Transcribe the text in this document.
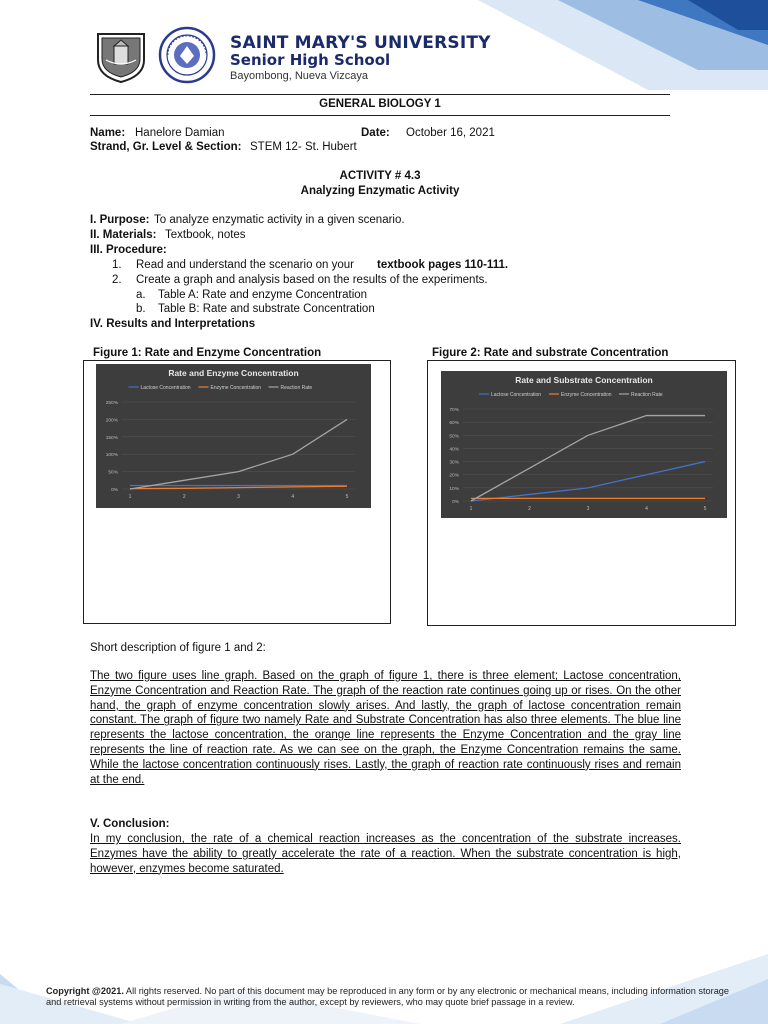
SAINT MARY'S UNIVERSITY
Senior High School
Bayombong, Nueva Vizcaya
GENERAL BIOLOGY 1
Name: Hanelore Damian	Date: October 16, 2021
Strand, Gr. Level & Section: STEM 12- St. Hubert
ACTIVITY # 4.3
Analyzing Enzymatic Activity
I. Purpose: To analyze enzymatic activity in a given scenario.
II. Materials: Textbook, notes
III. Procedure:
1. Read and understand the scenario on your textbook pages 110-111.
2. Create a graph and analysis based on the results of the experiments.
a. Table A: Rate and enzyme Concentration
b. Table B: Rate and substrate Concentration
IV. Results and Interpretations
Figure 1: Rate and Enzyme Concentration	Figure 2: Rate and substrate Concentration
Rate and Enzyme Concentration
Lactose Concentration	Enzyme Concentration	Reaction Rate
250%
200%
150%
100%
50%
0%
1	2	3	4	5
Rate and Substrate Concentration
Lactose Concentration	Enzyme Concentration	Reaction Rate
70%
60%
50%
40%
30%
20%
10%
0%
1	2	3	4	5
Short description of figure 1 and 2:
The two figure uses line graph. Based on the graph of figure 1, there is three element; Lactose concentration, Enzyme Concentration and Reaction Rate. The graph of the reaction rate continues going up or rises. On the other hand, the graph of enzyme concentration slowly arises. And lastly, the graph of lactose concentration remain constant. The graph of figure two namely Rate and Substrate Concentration has also three elements. The blue line represents the lactose concentration, the orange line represents the Enzyme Concentration and the gray line represents the line of reaction rate. As we can see on the graph, the Enzyme Concentration remains the same. While the lactose concentration continuously rises. Lastly, the graph of reaction rate continuously rises and remain at the end.
V. Conclusion:
In my conclusion, the rate of a chemical reaction increases as the concentration of the substrate increases. Enzymes have the ability to greatly accelerate the rate of a reaction. When the substrate concentration is high, however, enzymes become saturated.
Copyright @2021. All rights reserved. No part of this document may be reproduced in any form or by any electronic or mechanical means, including information storage and retrieval systems without permission in writing from the author, except by reviewers, who may quote brief passage in a review.
